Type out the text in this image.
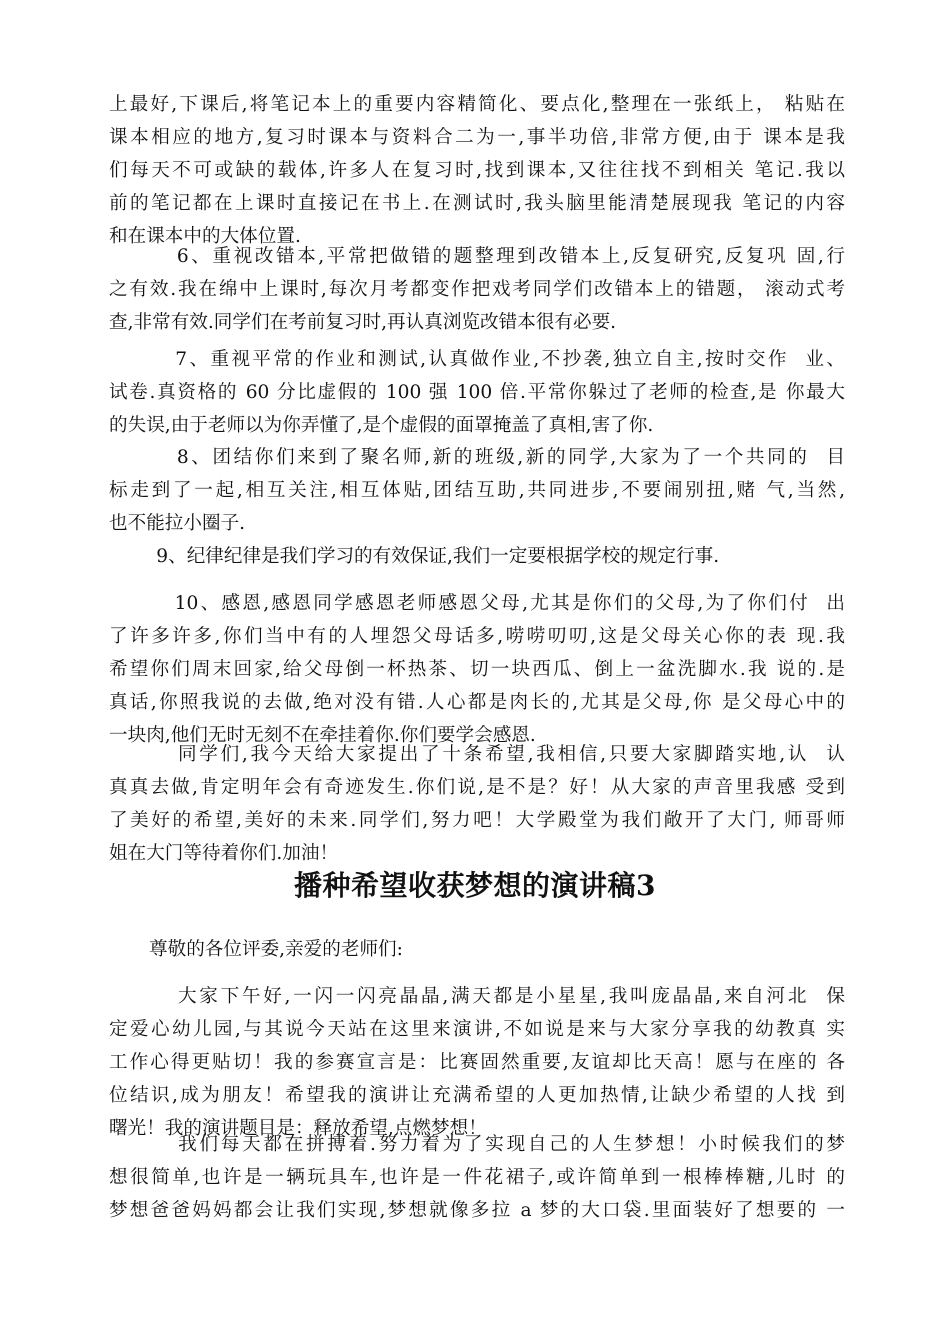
上最好,下课后,将笔记本上的重要内容精简化、要点化,整理在一张纸上， 粘贴在
课本相应的地方,复习时课本与资料合二为一,事半功倍,非常方便,由于 课本是我
们每天不可或缺的载体,许多人在复习时,找到课本,又往往找不到相关 笔记.我以
前的笔记都在上课时直接记在书上.在测试时,我头脑里能清楚展现我 笔记的内容
和在课本中的大体位置.
6、重视改错本,平常把做错的题整理到改错本上,反复研究,反复巩 固,行
之有效.我在绵中上课时,每次月考都变作把戏考同学们改错本上的错题， 滚动式考
查,非常有效.同学们在考前复习时,再认真浏览改错本很有必要.
7、重视平常的作业和测试,认真做作业,不抄袭,独立自主,按时交作  业、
试卷.真资格的 60 分比虚假的 100 强 100 倍.平常你躲过了老师的检查,是 你最大
的失误,由于老师以为你弄懂了,是个虚假的面罩掩盖了真相,害了你.
8、团结你们来到了聚名师,新的班级,新的同学,大家为了一个共同的  目
标走到了一起,相互关注,相互体贴,团结互助,共同进步,不要闹别扭,赌 气,当然,
也不能拉小圈子.
9、纪律纪律是我们学习的有效保证,我们一定要根据学校的规定行事.
10、感恩,感恩同学感恩老师感恩父母,尤其是你们的父母,为了你们付  出
了许多许多,你们当中有的人埋怨父母话多,唠唠叨叨,这是父母关心你的表 现.我
希望你们周末回家,给父母倒一杯热茶、切一块西瓜、倒上一盆洗脚水.我 说的.是
真话,你照我说的去做,绝对没有错.人心都是肉长的,尤其是父母,你 是父母心中的
一块肉,他们无时无刻不在牵挂着你.你们要学会感恩.
同学们,我今天给大家提出了十条希望,我相信,只要大家脚踏实地,认  认
真真去做,肯定明年会有奇迹发生.你们说,是不是？好！从大家的声音里我感 受到
了美好的希望,美好的未来.同学们,努力吧！大学殿堂为我们敞开了大门, 师哥师
姐在大门等待着你们.加油！
播种希望收获梦想的演讲稿3

尊敬的各位评委,亲爱的老师们:

大家下午好,一闪一闪亮晶晶,满天都是小星星,我叫庞晶晶,来自河北  保
定爱心幼儿园,与其说今天站在这里来演讲,不如说是来与大家分享我的幼教真 实
工作心得更贴切！我的参赛宣言是：比赛固然重要,友谊却比天高！愿与在座的 各
位结识,成为朋友！希望我的演讲让充满希望的人更加热情,让缺少希望的人找 到
曙光！我的演讲题目是：释放希望,点燃梦想！
我们每天都在拼搏着.努力着为了实现自己的人生梦想！小时候我们的梦
想很简单,也许是一辆玩具车,也许是一件花裙子,或许简单到一根棒棒糖,儿时 的
梦想爸爸妈妈都会让我们实现,梦想就像多拉 a 梦的大口袋.里面装好了想要的 一
